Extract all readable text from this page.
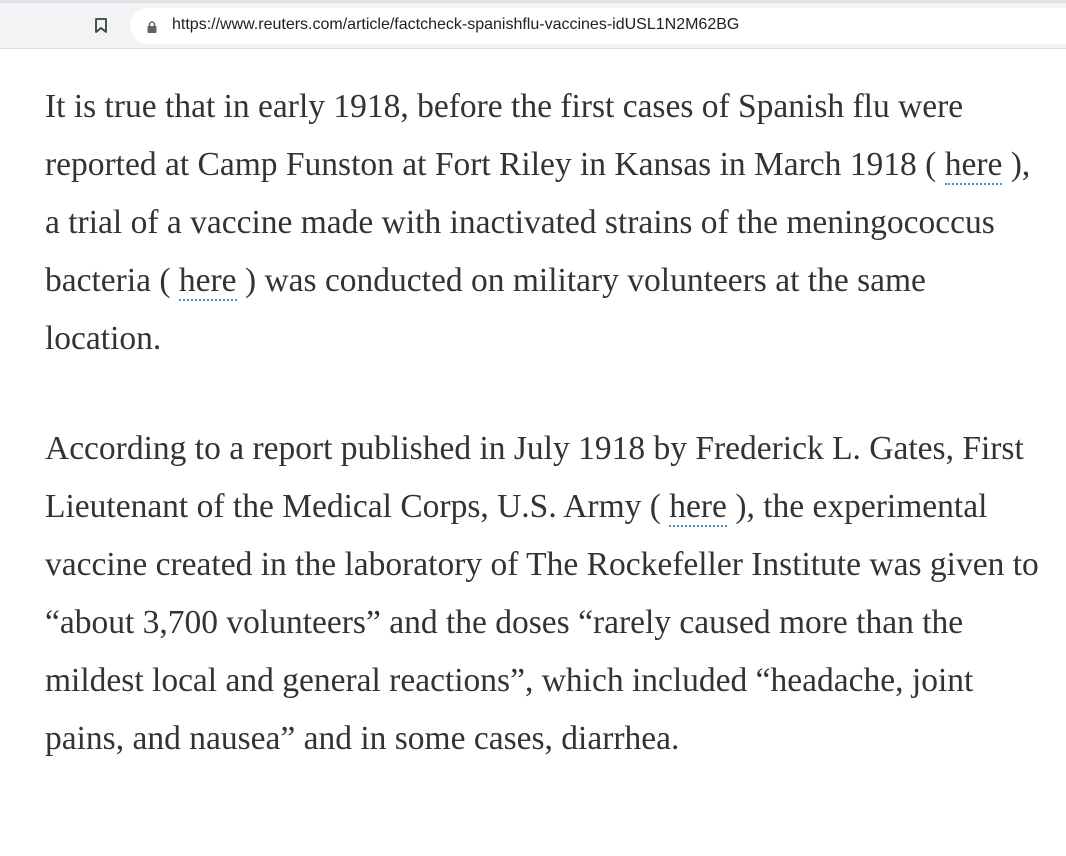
https://www.reuters.com/article/factcheck-spanishflu-vaccines-idUSL1N2M62BG

It is true that in early 1918, before the first cases of Spanish flu were reported at Camp Funston at Fort Riley in Kansas in March 1918 ( here ), a trial of a vaccine made with inactivated strains of the meningococcus bacteria ( here ) was conducted on military volunteers at the same location.

According to a report published in July 1918 by Frederick L. Gates, First Lieutenant of the Medical Corps, U.S. Army ( here ), the experimental vaccine created in the laboratory of The Rockefeller Institute was given to “about 3,700 volunteers” and the doses “rarely caused more than the mildest local and general reactions”, which included “headache, joint pains, and nausea” and in some cases, diarrhea.
